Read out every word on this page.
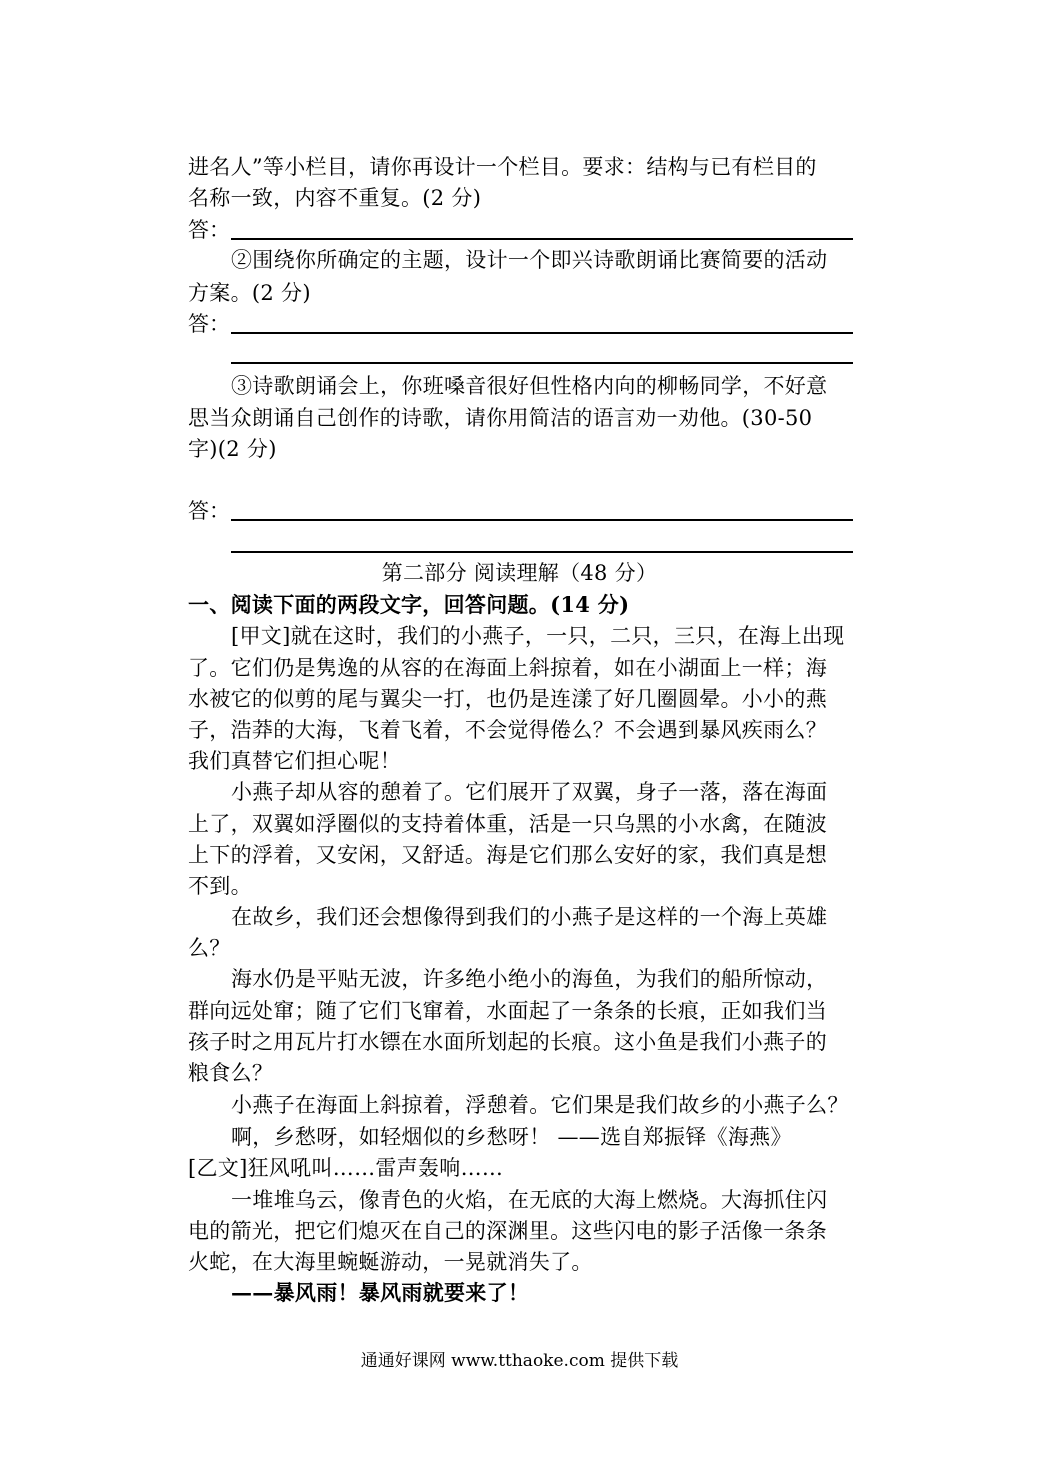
进名人”等小栏目，请你再设计一个栏目。要求：结构与已有栏目的
名称一致，内容不重复。(2 分)
答：
②围绕你所确定的主题，设计一个即兴诗歌朗诵比赛简要的活动
方案。(2 分)
答：
③诗歌朗诵会上，你班嗓音很好但性格内向的柳畅同学，不好意
思当众朗诵自己创作的诗歌，请你用简洁的语言劝一劝他。(30-50
字)(2 分)
答：
第二部分 阅读理解（48 分）
一、阅读下面的两段文字，回答问题。(14 分)
[甲文]就在这时，我们的小燕子，一只，二只，三只，在海上出现
了。它们仍是隽逸的从容的在海面上斜掠着，如在小湖面上一样；海
水被它的似剪的尾与翼尖一打，也仍是连漾了好几圈圆晕。小小的燕
子，浩莽的大海，飞着飞着，不会觉得倦么？不会遇到暴风疾雨么？
我们真替它们担心呢！
小燕子却从容的憩着了。它们展开了双翼，身子一落，落在海面
上了，双翼如浮圈似的支持着体重，活是一只乌黑的小水禽，在随波
上下的浮着，又安闲，又舒适。海是它们那么安好的家，我们真是想
不到。
在故乡，我们还会想像得到我们的小燕子是这样的一个海上英雄
么？
海水仍是平贴无波，许多绝小绝小的海鱼，为我们的船所惊动，
群向远处窜；随了它们飞窜着，水面起了一条条的长痕，正如我们当
孩子时之用瓦片打水镖在水面所划起的长痕。这小鱼是我们小燕子的
粮食么？
小燕子在海面上斜掠着，浮憩着。它们果是我们故乡的小燕子么？
啊，乡愁呀，如轻烟似的乡愁呀！ ——选自郑振铎《海燕》
[乙文]狂风吼叫……雷声轰响……
一堆堆乌云，像青色的火焰，在无底的大海上燃烧。大海抓住闪
电的箭光，把它们熄灭在自己的深渊里。这些闪电的影子活像一条条
火蛇，在大海里蜿蜒游动，一晃就消失了。
——暴风雨！暴风雨就要来了！
通通好课网 www.tthaoke.com 提供下载
